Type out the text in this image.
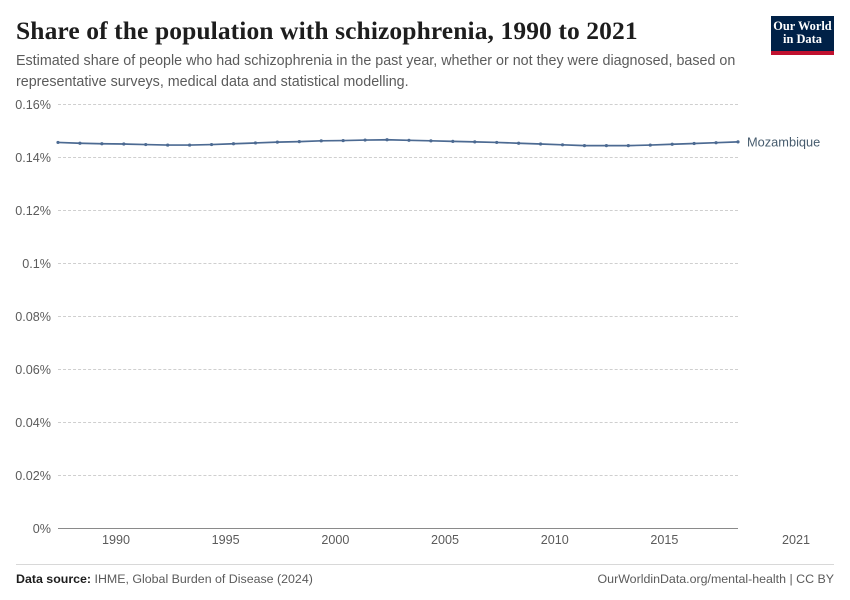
Share of the population with schizophrenia, 1990 to 2021

Estimated share of people who had schizophrenia in the past year, whether or not they were diagnosed, based on representative surveys, medical data and statistical modelling.

Our World
in Data
0%
0.02%
0.04%
0.06%
0.08%
0.1%
0.12%
0.14%
0.16%
Mozambique
1990	1995	2000	2005	2010	2015	2021
Data source: IHME, Global Burden of Disease (2024)	OurWorldinData.org/mental-health | CC BY
